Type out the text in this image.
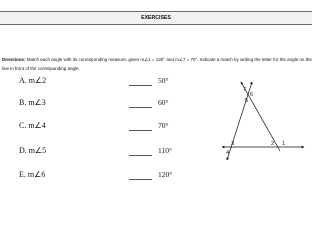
EXERCISES
Directions: Match each angle with its corresponding measure, given m∠1 = 130° and m∠7 = 70°. Indicate a match by writing the letter for the angle on the line in front of the corresponding angle.
A. m∠2	50°
B. m∠3	60°
C. m∠4	70°
D. m∠5	110°
E. m∠6	120°
7
6
5
3
4
2 1
